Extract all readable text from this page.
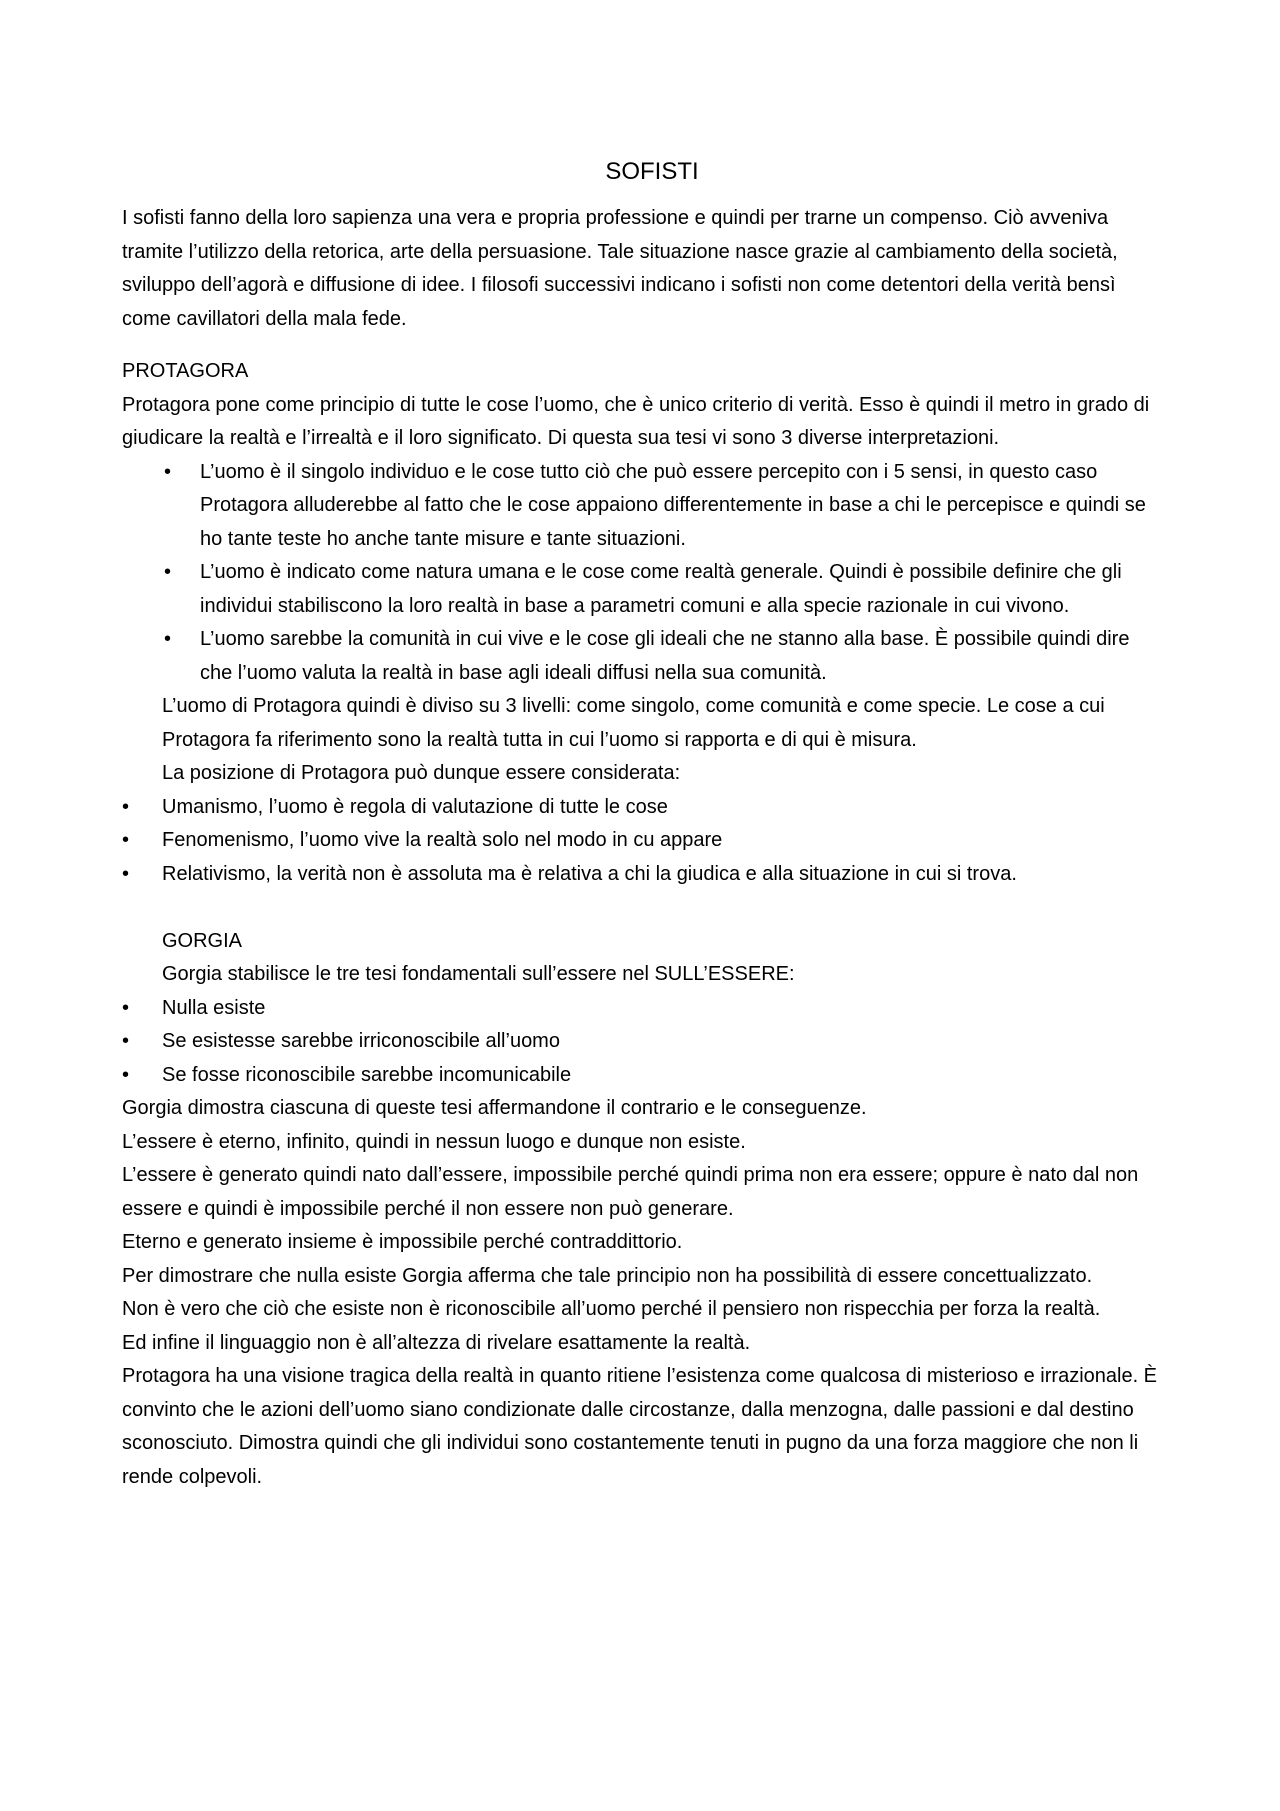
SOFISTI

I sofisti fanno della loro sapienza una vera e propria professione e quindi per trarne un compenso. Ciò avveniva tramite l’utilizzo della retorica, arte della persuasione. Tale situazione nasce grazie al cambiamento della società, sviluppo dell’agorà e diffusione di idee. I filosofi successivi indicano i sofisti non come detentori della verità bensì come cavillatori della mala fede.

PROTAGORA

Protagora pone come principio di tutte le cose l’uomo, che è unico criterio di verità. Esso è quindi il metro in grado di giudicare la realtà e l’irrealtà e il loro significato. Di questa sua tesi vi sono 3 diverse interpretazioni.

• L’uomo è il singolo individuo e le cose tutto ciò che può essere percepito con i 5 sensi, in questo caso Protagora alluderebbe al fatto che le cose appaiono differentemente in base a chi le percepisce e quindi se ho tante teste ho anche tante misure e tante situazioni.
• L’uomo è indicato come natura umana e le cose come realtà generale. Quindi è possibile definire che gli individui stabiliscono la loro realtà in base a parametri comuni e alla specie razionale in cui vivono.
• L’uomo sarebbe la comunità in cui vive e le cose gli ideali che ne stanno alla base. È possibile quindi dire che l’uomo valuta la realtà in base agli ideali diffusi nella sua comunità.

L’uomo di Protagora quindi è diviso su 3 livelli: come singolo, come comunità e come specie. Le cose a cui Protagora fa riferimento sono la realtà tutta in cui l’uomo si rapporta e di qui è misura.

La posizione di Protagora può dunque essere considerata:

• Umanismo, l’uomo è regola di valutazione di tutte le cose
• Fenomenismo, l’uomo vive la realtà solo nel modo in cu appare
• Relativismo, la verità non è assoluta ma è relativa a chi la giudica e alla situazione in cui si trova.

GORGIA

Gorgia stabilisce le tre tesi fondamentali sull’essere nel SULL’ESSERE:

• Nulla esiste
• Se esistesse sarebbe irriconoscibile all’uomo
• Se fosse riconoscibile sarebbe incomunicabile

Gorgia dimostra ciascuna di queste tesi affermandone il contrario e le conseguenze.

L’essere è eterno, infinito, quindi in nessun luogo e dunque non esiste.

L’essere è generato quindi nato dall’essere, impossibile perché quindi prima non era essere; oppure è nato dal non essere e quindi è impossibile perché il non essere non può generare.

Eterno e generato insieme è impossibile perché contraddittorio.

Per dimostrare che nulla esiste Gorgia afferma che tale principio non ha possibilità di essere concettualizzato.

Non è vero che ciò che esiste non è riconoscibile all’uomo perché il pensiero non rispecchia per forza la realtà.

Ed infine il linguaggio non è all’altezza di rivelare esattamente la realtà.

Protagora ha una visione tragica della realtà in quanto ritiene l’esistenza come qualcosa di misterioso e irrazionale. È convinto che le azioni dell’uomo siano condizionate dalle circostanze, dalla menzogna, dalle passioni e dal destino sconosciuto. Dimostra quindi che gli individui sono costantemente tenuti in pugno da una forza maggiore che non li rende colpevoli.
